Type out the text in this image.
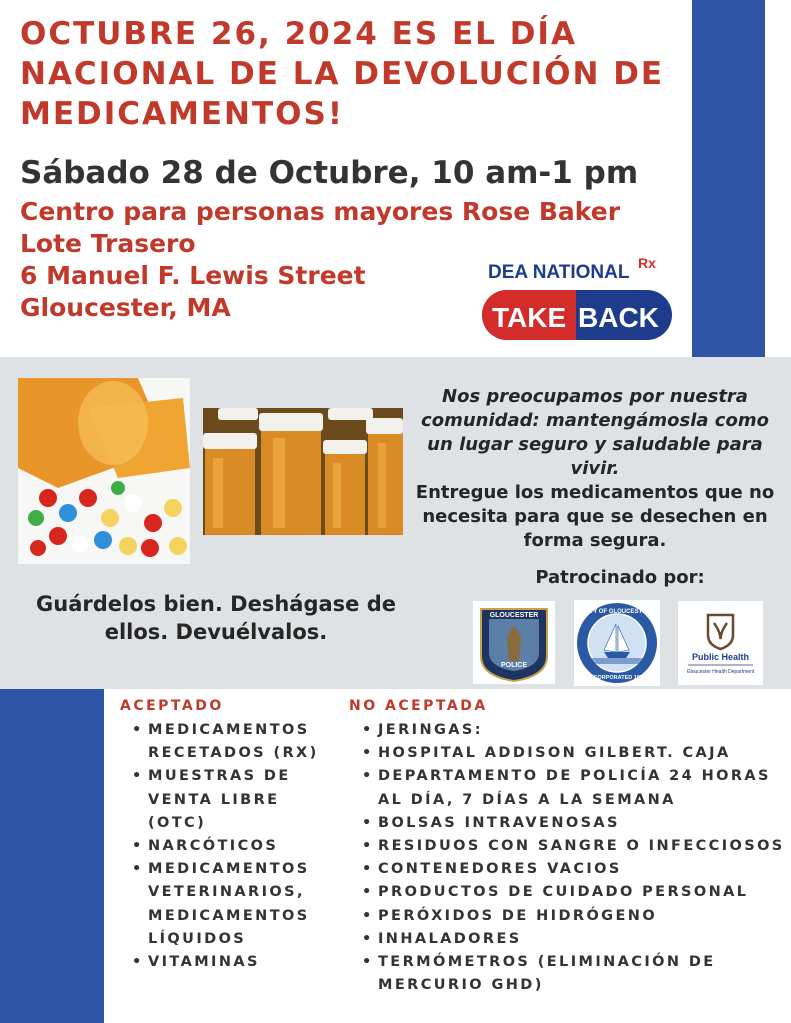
OCTUBRE 26, 2024 ES EL DÍA NACIONAL DE LA DEVOLUCIÓN DE MEDICAMENTOS!

Sábado 28 de Octubre, 10 am-1 pm

Centro para personas mayores Rose Baker

Lote Trasero

6 Manuel F. Lewis Street

Gloucester, MA

DEA NATIONAL Rx
TAKE BACK

Nos preocupamos por nuestra comunidad: mantengámosla como un lugar seguro y saludable para vivir.

Entregue los medicamentos que no necesita para que se desechen en forma segura.

Patrocinado por:

Guárdelos bien. Deshágase de ellos. Devuélvalos.

GLOUCESTER
POLICE
CITY OF GLOUCESTER
INCORPORATED 1873
Public Health
Gloucester Health Department

ACEPTADO

• MEDICAMENTOS RECETADOS (RX)
• MUESTRAS DE VENTA LIBRE (OTC)
• NARCÓTICOS
• MEDICAMENTOS VETERINARIOS, MEDICAMENTOS LÍQUIDOS
• VITAMINAS

NO ACEPTADA

• JERINGAS:
• HOSPITAL ADDISON GILBERT. CAJA
• DEPARTAMENTO DE POLICÍA 24 HORAS AL DÍA, 7 DÍAS A LA SEMANA
• BOLSAS INTRAVENOSAS
• RESIDUOS CON SANGRE O INFECCIOSOS
• CONTENEDORES VACIOS
• PRODUCTOS DE CUIDADO PERSONAL
• PERÓXIDOS DE HIDRÓGENO
• INHALADORES
• TERMÓMETROS (ELIMINACIÓN DE MERCURIO GHD)
